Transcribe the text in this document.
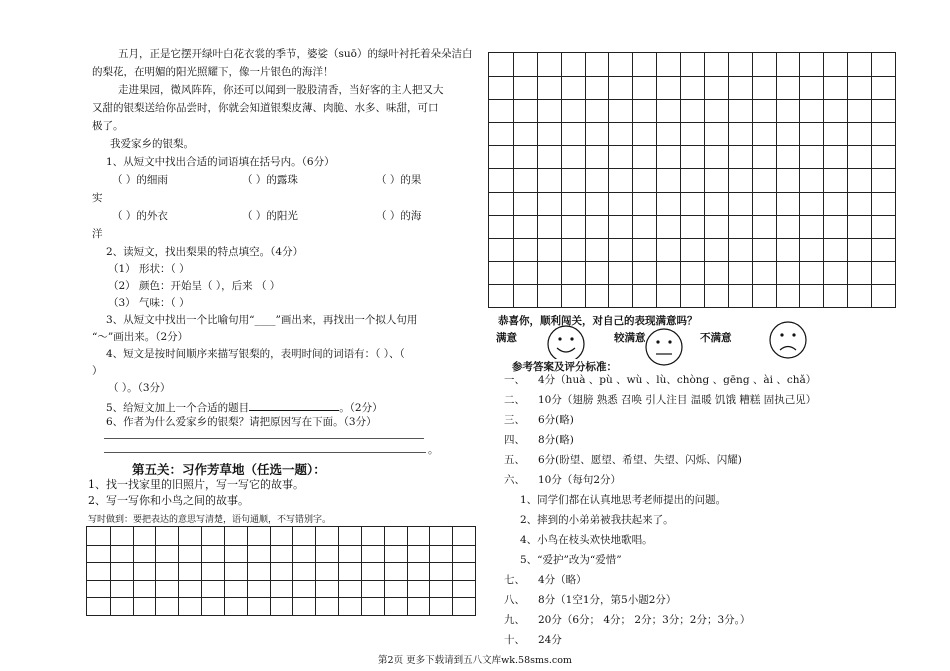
五月，正是它摆开绿叶白花衣裳的季节，婆娑（suō）的绿叶衬托着朵朵洁白
的梨花，在明媚的阳光照耀下，像一片银色的海洋！
走进果园，微风阵阵，你还可以闻到一股股清香，当好客的主人把又大
又甜的银梨送给你品尝时，你就会知道银梨皮薄、肉脆、水多、味甜，可口
极了。
我爱家乡的银梨。
1、从短文中找出合适的词语填在括号内。（6分）
（ ）的细雨	（ ）的露珠	（ ）的果
实
（ ）的外衣	（ ）的阳光	（ ）的海
洋
2、读短文，找出梨果的特点填空。（4分）
（1） 形状：（ ）
（2） 颜色：开始呈（ ），后来 （ ）
（3） 气味：（ ）
3、从短文中找出一个比喻句用“____”画出来，再找出一个拟人句用
“～”画出来。（2分）
4、短文是按时间顺序来描写银梨的，表明时间的词语有：（ ）、（
）
（ ）。（3分）
5、给短文加上一个合适的题目	。（2分）
6、作者为什么爱家乡的银梨？请把原因写在下面。（3分）
。
第五关：习作芳草地（任选一题）：
1、找一找家里的旧照片，写一写它的故事。
2、写一写你和小鸟之间的故事。
写时做到：要把表达的意思写清楚，语句通顺，不写错别字。
恭喜你，顺利闯关，对自己的表现满意吗？
满意	较满意	不满意
参考答案及评分标准：
一、 4分（huà 、pù 、wù 、lù、chòng 、gēng 、ài 、chǎ）
二、 10分（翅膀 熟悉 召唤 引人注目 温暖 饥饿 糟糕 固执己见）
三、 6分(略)
四、 8分(略)
五、 6分(盼望、愿望、希望、失望、闪烁、闪耀)
六、 10分（每句2分）
1、同学们都在认真地思考老师提出的问题。
2、摔到的小弟弟被我扶起来了。
4、小鸟在枝头欢快地歌唱。
5、“爱护”改为“爱惜”
七、 4分（略）
八、 8分（1空1分，第5小题2分）
九、 20分（6分； 4分； 2分；3分；2分；3分。）
十、 24分
第2页 更多下载请到五八文库wk.58sms.com
